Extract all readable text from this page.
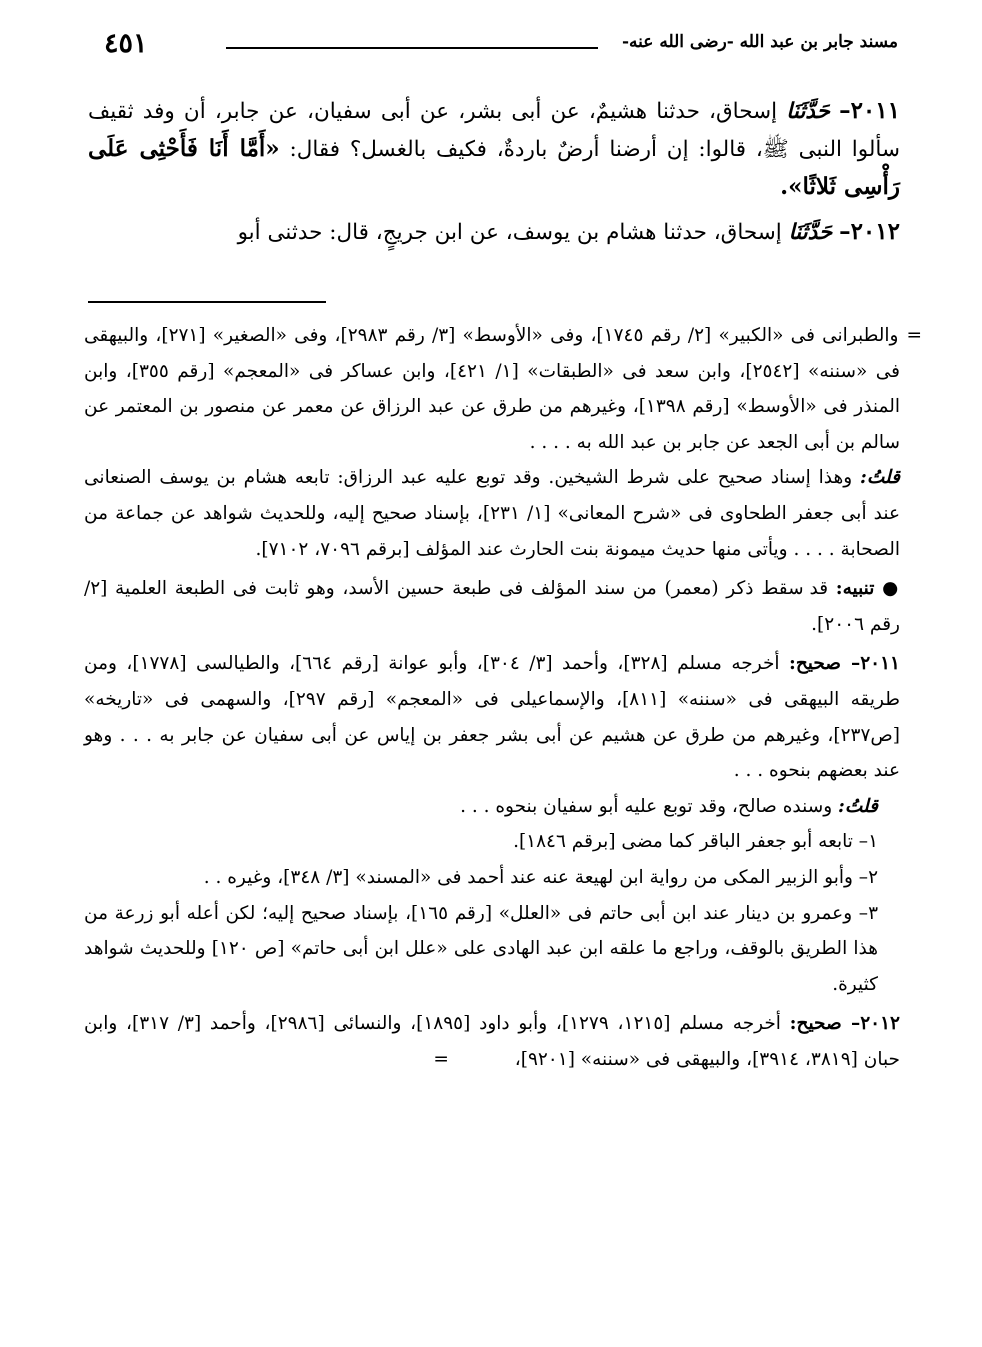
٤٥١	مسند جابر بن عبد الله -رضى الله عنه-

٢٠١١– حَدَّثَنَا إسحاق، حدثنا هشيمٌ، عن أبى بشر، عن أبى سفيان، عن جابر، أن وفد ثقيف سألوا النبى ﷺ، قالوا: إن أرضنا أرضٌ باردةٌ، فكيف بالغسل؟ فقال: «أَمَّا أَنَا فَأَحْثِى عَلَى رَأْسِى ثَلاثًا».

٢٠١٢– حَدَّثَنَا إسحاق، حدثنا هشام بن يوسف، عن ابن جريجٍ، قال: حدثنى أبو

= والطبرانى فى «الكبير» [٢/ رقم ١٧٤٥]، وفى «الأوسط» [٣/ رقم ٢٩٨٣]، وفى «الصغير» [٢٧١]، والبيهقى فى «سننه» [٢٥٤٢]، وابن سعد فى «الطبقات» [١/ ٤٢١]، وابن عساكر فى «المعجم» [رقم ٣٥٥]، وابن المنذر فى «الأوسط» [رقم ١٣٩٨]، وغيرهم من طرق عن عبد الرزاق عن معمر عن منصور بن المعتمر عن سالم بن أبى الجعد عن جابر بن عبد الله به . . . .

قلتُ: وهذا إسناد صحيح على شرط الشيخين. وقد توبع عليه عبد الرزاق: تابعه هشام بن يوسف الصنعانى عند أبى جعفر الطحاوى فى «شرح المعانى» [١/ ٢٣١]، بإسناد صحيح إليه، وللحديث شواهد عن جماعة من الصحابة . . . . ويأتى منها حديث ميمونة بنت الحارث عند المؤلف [برقم ٧٠٩٦، ٧١٠٢].

● تنبيه: قد سقط ذكر (معمر) من سند المؤلف فى طبعة حسين الأسد، وهو ثابت فى الطبعة العلمية [٢/ رقم ٢٠٠٦].

٢٠١١– صحيح: أخرجه مسلم [٣٢٨]، وأحمد [٣/ ٣٠٤]، وأبو عوانة [رقم ٦٦٤]، والطيالسى [١٧٧٨]، ومن طريقه البيهقى فى «سننه» [٨١١]، والإسماعيلى فى «المعجم» [رقم ٢٩٧]، والسهمى فى «تاريخه» [ص٢٣٧]، وغيرهم من طرق عن هشيم عن أبى بشر جعفر بن إياس عن أبى سفيان عن جابر به . . . وهو عند بعضهم بنحوه . . .

قلتُ: وسنده صالح، وقد توبع عليه أبو سفيان بنحوه . . .

١– تابعه أبو جعفر الباقر كما مضى [برقم ١٨٤٦].

٢– وأبو الزبير المكى من رواية ابن لهيعة عنه عند أحمد فى «المسند» [٣/ ٣٤٨]، وغيره . .

٣– وعمرو بن دينار عند ابن أبى حاتم فى «العلل» [رقم ١٦٥]، بإسناد صحيح إليه؛ لكن أعله أبو زرعة من هذا الطريق بالوقف، وراجع ما علقه ابن عبد الهادى على «علل ابن أبى حاتم» [ص ١٢٠] وللحديث شواهد كثيرة.

٢٠١٢– صحيح: أخرجه مسلم [١٢١٥، ١٢٧٩]، وأبو داود [١٨٩٥]، والنسائى [٢٩٨٦]، وأحمد [٣/ ٣١٧]، وابن حبان [٣٨١٩، ٣٩١٤]، والبيهقى فى «سننه» [٩٢٠١]، =
